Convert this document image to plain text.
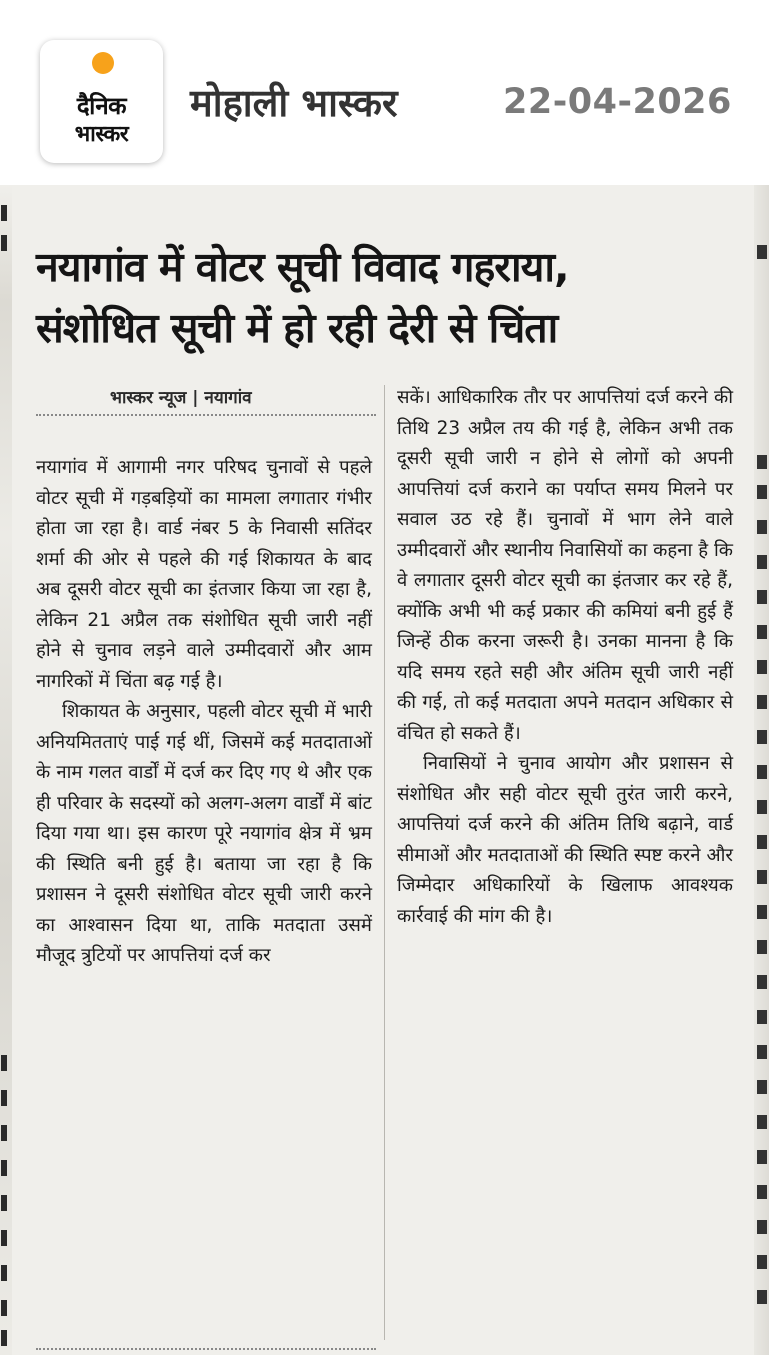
दैनिक
भास्कर
मोहाली भास्कर	22-04-2026
नयागांव में वोटर सूची विवाद गहराया,
संशोधित सूची में हो रही देरी से चिंता
भास्कर न्यूज | नयागांव

नयागांव में आगामी नगर परिषद चुनावों से पहले वोटर सूची में गड़बड़ियों का मामला लगातार गंभीर होता जा रहा है। वार्ड नंबर 5 के निवासी सतिंदर शर्मा की ओर से पहले की गई शिकायत के बाद अब दूसरी वोटर सूची का इंतजार किया जा रहा है, लेकिन 21 अप्रैल तक संशोधित सूची जारी नहीं होने से चुनाव लड़ने वाले उम्मीदवारों और आम नागरिकों में चिंता बढ़ गई है।

शिकायत के अनुसार, पहली वोटर सूची में भारी अनियमितताएं पाई गई थीं, जिसमें कई मतदाताओं के नाम गलत वार्डों में दर्ज कर दिए गए थे और एक ही परिवार के सदस्यों को अलग-अलग वार्डों में बांट दिया गया था। इस कारण पूरे नयागांव क्षेत्र में भ्रम की स्थिति बनी हुई है। बताया जा रहा है कि प्रशासन ने दूसरी संशोधित वोटर सूची जारी करने का आश्वासन दिया था, ताकि मतदाता उसमें मौजूद त्रुटियों पर आपत्तियां दर्ज कर

सकें। आधिकारिक तौर पर आपत्तियां दर्ज करने की तिथि 23 अप्रैल तय की गई है, लेकिन अभी तक दूसरी सूची जारी न होने से लोगों को अपनी आपत्तियां दर्ज कराने का पर्याप्त समय मिलने पर सवाल उठ रहे हैं। चुनावों में भाग लेने वाले उम्मीदवारों और स्थानीय निवासियों का कहना है कि वे लगातार दूसरी वोटर सूची का इंतजार कर रहे हैं, क्योंकि अभी भी कई प्रकार की कमियां बनी हुई हैं जिन्हें ठीक करना जरूरी है। उनका मानना है कि यदि समय रहते सही और अंतिम सूची जारी नहीं की गई, तो कई मतदाता अपने मतदान अधिकार से वंचित हो सकते हैं।

निवासियों ने चुनाव आयोग और प्रशासन से संशोधित और सही वोटर सूची तुरंत जारी करने, आपत्तियां दर्ज करने की अंतिम तिथि बढ़ाने, वार्ड सीमाओं और मतदाताओं की स्थिति स्पष्ट करने और जिम्मेदार अधिकारियों के खिलाफ आवश्यक कार्रवाई की मांग की है।
